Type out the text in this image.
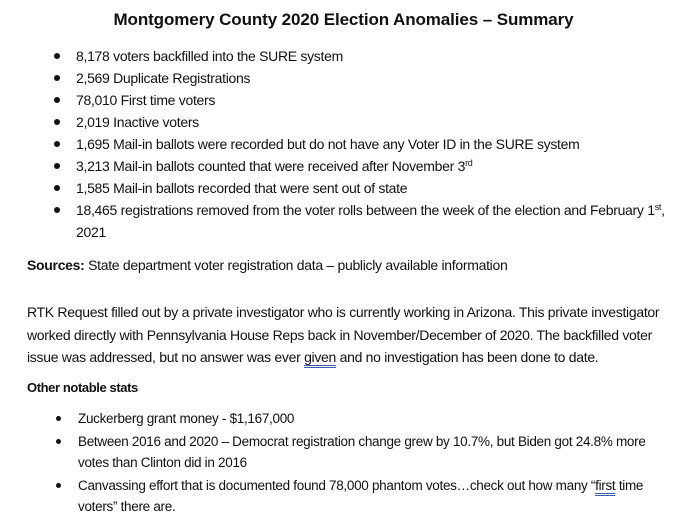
Montgomery County 2020 Election Anomalies – Summary
8,178 voters backfilled into the SURE system
2,569 Duplicate Registrations
78,010 First time voters
2,019 Inactive voters
1,695 Mail-in ballots were recorded but do not have any Voter ID in the SURE system
3,213 Mail-in ballots counted that were received after November 3rd
1,585 Mail-in ballots recorded that were sent out of state
18,465 registrations removed from the voter rolls between the week of the election and February 1st, 2021

Sources: State department voter registration data – publicly available information

RTK Request filled out by a private investigator who is currently working in Arizona. This private investigator worked directly with Pennsylvania House Reps back in November/December of 2020. The backfilled voter issue was addressed, but no answer was ever given and no investigation has been done to date.

Other notable stats
Zuckerberg grant money - $1,167,000
Between 2016 and 2020 – Democrat registration change grew by 10.7%, but Biden got 24.8% more votes than Clinton did in 2016
Canvassing effort that is documented found 78,000 phantom votes…check out how many “first time voters” there are.
